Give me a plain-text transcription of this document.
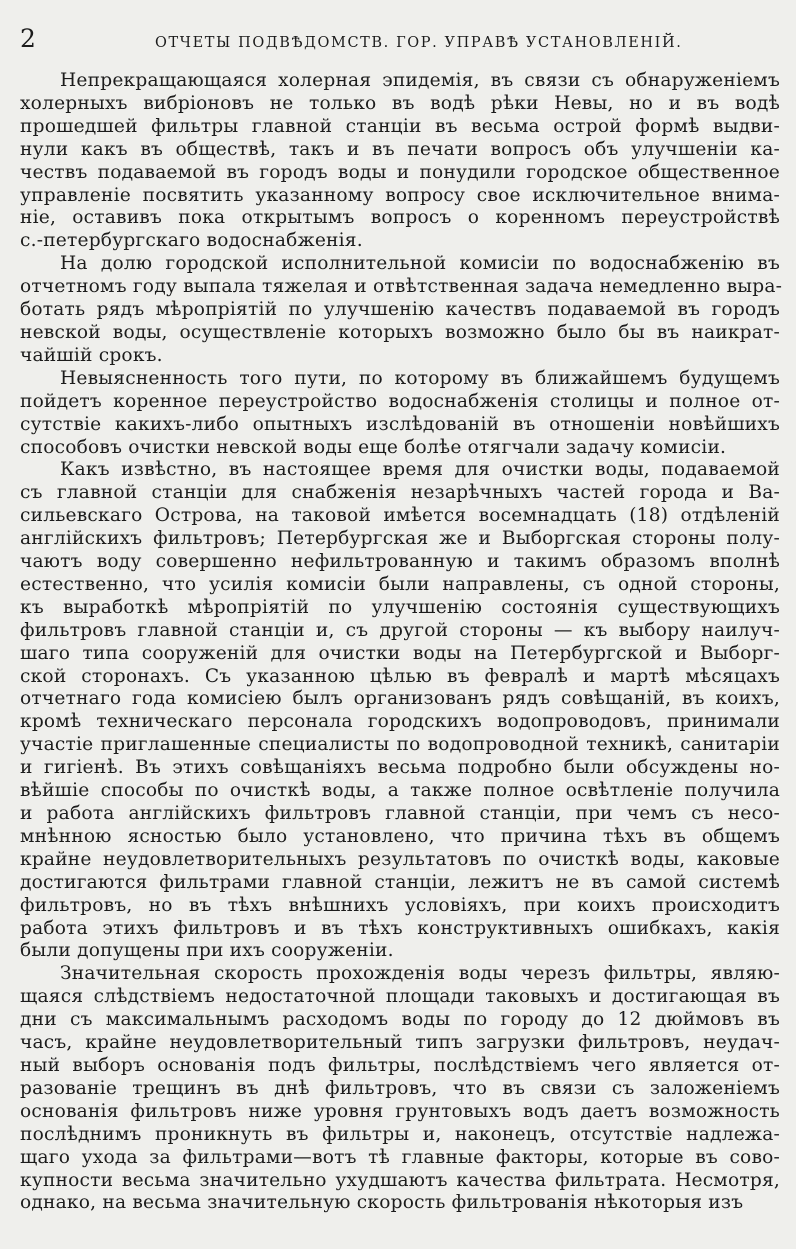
2	ОТЧЕТЫ ПОДВѢДОМСТВ. ГОР. УПРАВѢ УСТАНОВЛЕНІЙ.
Непрекращающаяся холерная эпидемія, въ связи съ обнаруженіемъ
холерныхъ вибріоновъ не только въ водѣ рѣки Невы, но и въ водѣ
прошедшей фильтры главной станціи въ весьма острой формѣ выдви-
нули какъ въ обществѣ, такъ и въ печати вопросъ объ улучшеніи ка-
чествъ подаваемой въ городъ воды и понудили городское общественное
управленіе посвятить указанному вопросу свое исключительное внима-
ніе, оставивъ пока открытымъ вопросъ о коренномъ переустройствѣ
с.-петербургскаго водоснабженія.
На долю городской исполнительной комисіи по водоснабженію въ
отчетномъ году выпала тяжелая и отвѣтственная задача немедленно выра-
ботать рядъ мѣропріятій по улучшенію качествъ подаваемой въ городъ
невской воды, осуществленіе которыхъ возможно было бы въ наикрат-
чайшій срокъ.
Невыясненность того пути, по которому въ ближайшемъ будущемъ
пойдетъ коренное переустройство водоснабженія столицы и полное от-
сутствіе какихъ-либо опытныхъ изслѣдованій въ отношеніи новѣйшихъ
способовъ очистки невской воды еще болѣе отягчали задачу комисіи.
Какъ извѣстно, въ настоящее время для очистки воды, подаваемой
съ главной станціи для снабженія незарѣчныхъ частей города и Ва-
сильевскаго Острова, на таковой имѣется восемнадцать (18) отдѣленій
англійскихъ фильтровъ; Петербургская же и Выборгская стороны полу-
чаютъ воду совершенно нефильтрованную и такимъ образомъ вполнѣ
естественно, что усилія комисіи были направлены, съ одной стороны,
къ выработкѣ мѣропріятій по улучшенію состоянія существующихъ
фильтровъ главной станціи и, съ другой стороны — къ выбору наилуч-
шаго типа сооруженій для очистки воды на Петербургской и Выборг-
ской сторонахъ. Съ указанною цѣлью въ февралѣ и мартѣ мѣсяцахъ
отчетнаго года комисіею былъ организованъ рядъ совѣщаній, въ коихъ,
кромѣ техническаго персонала городскихъ водопроводовъ, принимали
участіе приглашенные специалисты по водопроводной техникѣ, санитаріи
и гигіенѣ. Въ этихъ совѣщаніяхъ весьма подробно были обсуждены но-
вѣйшіе способы по очисткѣ воды, а также полное освѣтленіе получила
и работа англійскихъ фильтровъ главной станціи, при чемъ съ несо-
мнѣнною ясностью было установлено, что причина тѣхъ въ общемъ
крайне неудовлетворительныхъ результатовъ по очисткѣ воды, каковые
достигаются фильтрами главной станціи, лежитъ не въ самой системѣ
фильтровъ, но въ тѣхъ внѣшнихъ условіяхъ, при коихъ происходитъ
работа этихъ фильтровъ и въ тѣхъ конструктивныхъ ошибкахъ, какія
были допущены при ихъ сооруженіи.
Значительная скорость прохожденія воды черезъ фильтры, являю-
щаяся слѣдствіемъ недостаточной площади таковыхъ и достигающая въ
дни съ максимальнымъ расходомъ воды по городу до 12 дюймовъ въ
часъ, крайне неудовлетворительный типъ загрузки фильтровъ, неудач-
ный выборъ основанія подъ фильтры, послѣдствіемъ чего является от-
разованіе трещинъ въ днѣ фильтровъ, что въ связи съ заложеніемъ
основанія фильтровъ ниже уровня грунтовыхъ водъ даетъ возможность
послѣднимъ проникнуть въ фильтры и, наконецъ, отсутствіе надлежа-
щаго ухода за фильтрами—вотъ тѣ главные факторы, которые въ сово-
купности весьма значительно ухудшаютъ качества фильтрата. Несмотря,
однако, на весьма значительную скорость фильтрованія нѣкоторыя изъ
